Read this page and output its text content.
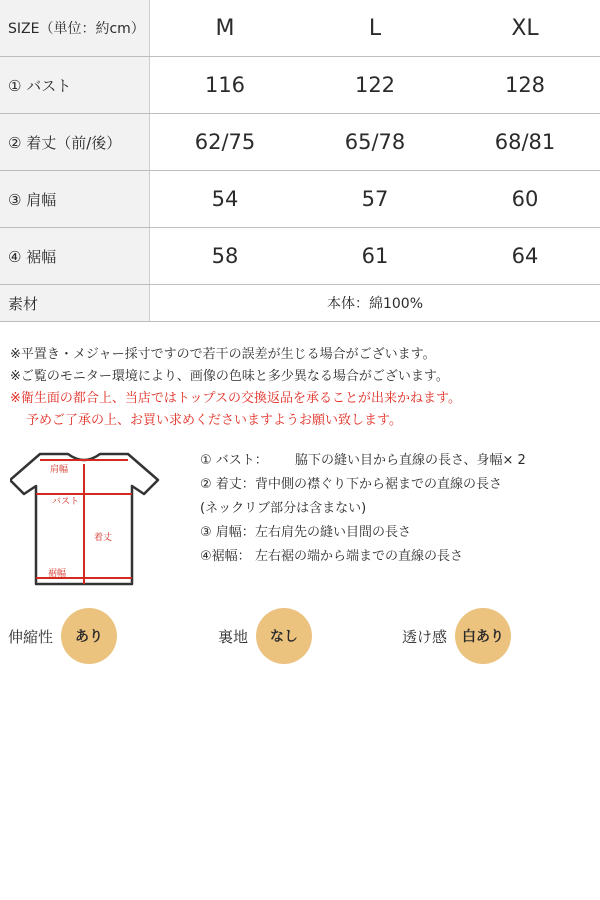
SIZE（単位：約cm）	M	L	XL
① バスト	116	122	128
② 着丈（前/後）	62/75	65/78	68/81
③ 肩幅	54	57	60
④ 裾幅	58	61	64
素材	本体：綿100%
※平置き・メジャー採寸ですので若干の誤差が生じる場合がございます。
※ご覧のモニター環境により、画像の色味と多少異なる場合がございます。
※衛生面の都合上、当店ではトップスの交換返品を承ることが出来かねます。
予めご了承の上、お買い求めくださいますようお願い致します。
肩幅
バスト
着丈
裾幅
① バスト： 脇下の縫い目から直線の長さ、身幅× 2
② 着丈：背中側の襟ぐり下から裾までの直線の長さ
(ネックリブ部分は含まない)
③ 肩幅：左右肩先の縫い目間の長さ
④裾幅： 左右裾の端から端までの直線の長さ
伸縮性	あり	裏地	なし	透け感	白あり
